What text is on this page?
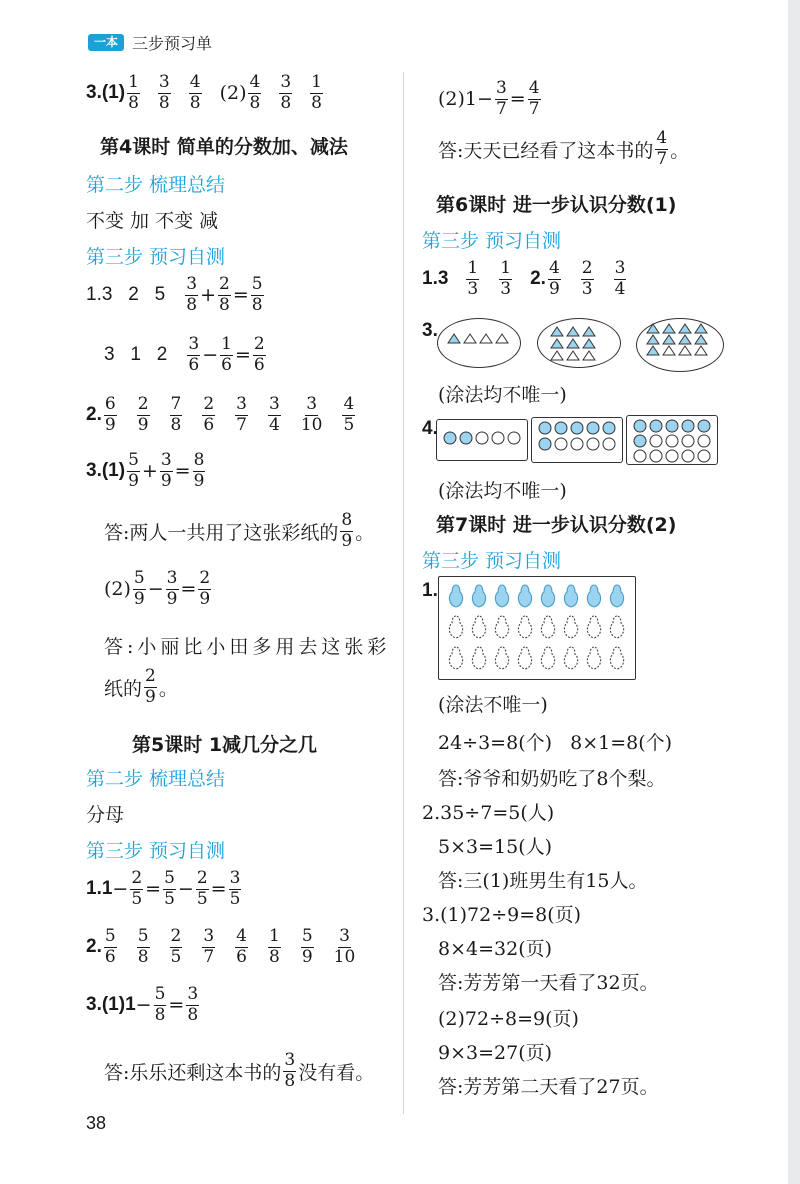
一本 三步预习单
$3.(1) \frac{1}{8} \frac{3}{8} \frac{4}{8} (2) \frac{4}{8} \frac{3}{8} \frac{1}{8}$
第4课时 简单的分数加、减法
第二步 梳理总结
不变 加 不变 减
第三步 预习自测
1.3   2   $5 \frac{3}{8} + \frac{2}{8} = \frac{5}{8}$
3   1   $2 \frac{3}{6} - \frac{1}{6} = \frac{2}{6}$
2. $\frac{6}{9} \frac{2}{9} \frac{7}{8} \frac{2}{6} \frac{3}{7} \frac{3}{4} \frac{3}{10} \frac{4}{5}$
$3.(1) \frac{5}{9} + \frac{3}{9} = \frac{8}{9}$
答:两人一共用了这张彩纸的 $\frac{8}{9}$ 。
$(2) \frac{5}{9} - \frac{3}{9} = \frac{2}{9}$
答:小丽比小田多用去这张彩
纸的 $\frac{2}{9}$ 。
第5课时 1减几分之几
第二步 梳理总结
分母
第三步 预习自测
$1.1 - \frac{2}{5} = \frac{5}{5} - \frac{2}{5} = \frac{3}{5}$
2. $\frac{5}{6} \frac{5}{8} \frac{2}{5} \frac{3}{7} \frac{4}{6} \frac{1}{8} \frac{5}{9} \frac{3}{10}$
$3.(1)1 - \frac{5}{8} = \frac{3}{8}$
答:乐乐还剩这本书的 $\frac{3}{8}$ 没有看。
38
$(2)1 - \frac{3}{7} = \frac{4}{7}$
答:天天已经看了这本书的 $\frac{4}{7}$ 。
第6课时 进一步认识分数(1)
第三步 预习自测
$1.3 \frac{1}{3} \frac{1}{3} 2$. $\frac{4}{9} \frac{2}{3} \frac{3}{4}$
3.
(涂法均不唯一)
4.
(涂法均不唯一)
第7课时 进一步认识分数(2)
第三步 预习自测
1.
(涂法不唯一)
24÷3=8(个)   8×1=8(个)
答:爷爷和奶奶吃了8个梨。
2.35÷7=5(人)
5×3=15(人)
答:三(1)班男生有15人。
3.(1)72÷9=8(页)
8×4=32(页)
答:芳芳第一天看了32页。
(2)72÷8=9(页)
9×3=27(页)
答:芳芳第二天看了27页。
